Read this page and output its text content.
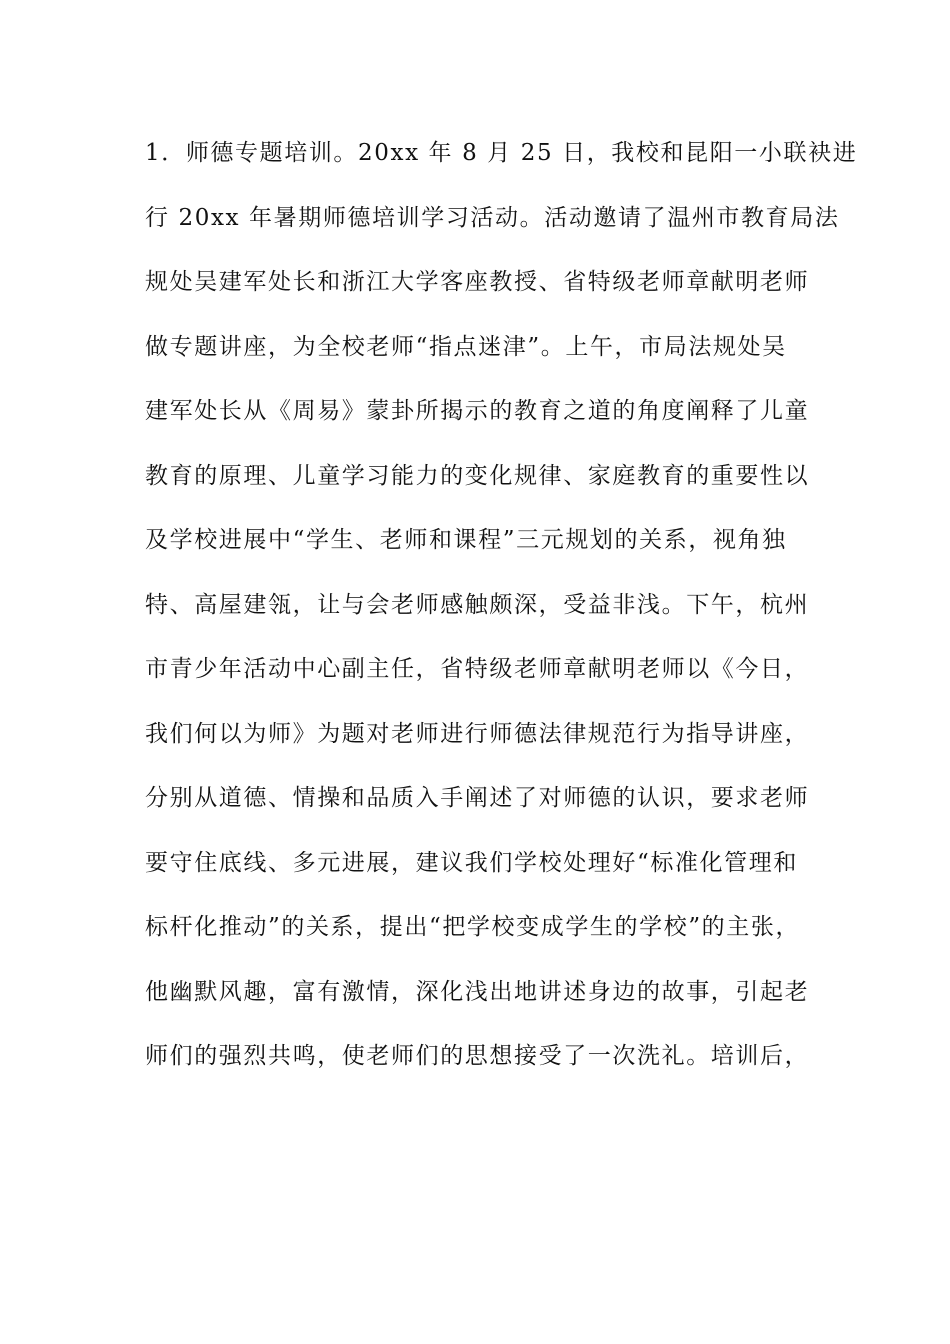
1．师德专题培训。20xx 年 8 月 25 日，我校和昆阳一小联袂进
行 20xx 年暑期师德培训学习活动。活动邀请了温州市教育局法
规处吴建军处长和浙江大学客座教授、省特级老师章献明老师
做专题讲座，为全校老师“指点迷津”。上午，市局法规处吴
建军处长从《周易》蒙卦所揭示的教育之道的角度阐释了儿童
教育的原理、儿童学习能力的变化规律、家庭教育的重要性以
及学校进展中“学生、老师和课程”三元规划的关系，视角独
特、高屋建瓴，让与会老师感触颇深，受益非浅。下午，杭州
市青少年活动中心副主任，省特级老师章献明老师以《今日，
我们何以为师》为题对老师进行师德法律规范行为指导讲座，
分别从道德、情操和品质入手阐述了对师德的认识，要求老师
要守住底线、多元进展，建议我们学校处理好“标准化管理和
标杆化推动”的关系，提出“把学校变成学生的学校”的主张，
他幽默风趣，富有激情，深化浅出地讲述身边的故事，引起老
师们的强烈共鸣，使老师们的思想接受了一次洗礼。培训后，
